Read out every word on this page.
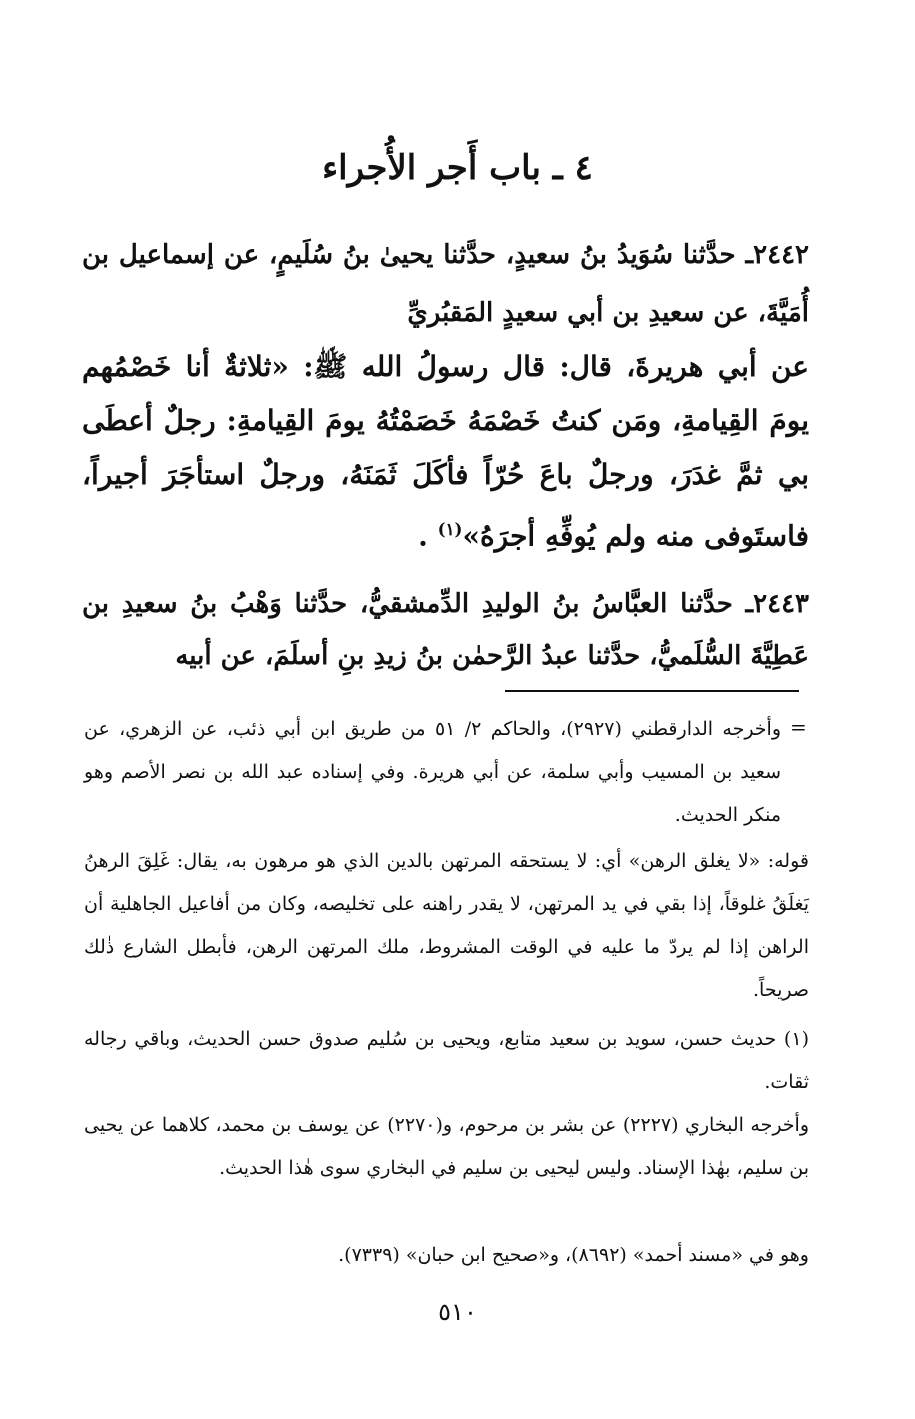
٤ ـ باب أَجر الأُجراء

٢٤٤٢ـ حدَّثنا سُوَيدُ بنُ سعيدٍ، حدَّثنا يحيىٰ بنُ سُلَيمٍ، عن إسماعيل بن أُمَيَّةَ، عن سعيدِ بن أبي سعيدٍ المَقبُريِّ

عن أبي هريرةَ، قال: قال رسولُ الله ﷺ: «ثلاثةٌ أنا خَصْمُهم يومَ القِيامةِ، ومَن كنتُ خَصْمَهُ خَصَمْتُهُ يومَ القِيامةِ: رجلٌ أعطَى بي ثمَّ غدَرَ، ورجلٌ باعَ حُرّاً فأكَلَ ثَمَنَهُ، ورجلٌ استأجَرَ أجيراً، فاستَوفى منه ولم يُوفِّهِ أجرَهُ»$^{(١)}$ .

٢٤٤٣ـ حدَّثنا العبَّاسُ بنُ الوليدِ الدِّمشقيُّ، حدَّثنا وَهْبُ بنُ سعيدِ بن عَطِيَّةَ السُّلَميُّ، حدَّثنا عبدُ الرَّحمٰن بنُ زيدِ بنِ أسلَمَ، عن أبيه

=

وأخرجه الدارقطني (٢٩٢٧)، والحاكم ٢/ ٥١ من طريق ابن أبي ذئب، عن الزهري، عن سعيد بن المسيب وأبي سلمة، عن أبي هريرة. وفي إسناده عبد الله بن نصر الأصم وهو منكر الحديث.

قوله: «لا يغلق الرهن» أي: لا يستحقه المرتهن بالدين الذي هو مرهون به، يقال: غَلِقَ الرهنُ يَغلَقُ غلوقاً، إذا بقي في يد المرتهن، لا يقدر راهنه على تخليصه، وكان من أفاعيل الجاهلية أن الراهن إذا لم يردّ ما عليه في الوقت المشروط، ملك المرتهن الرهن، فأبطل الشارع ذٰلك صريحاً.

(١) حديث حسن، سويد بن سعيد متابع، ويحيى بن سُليم صدوق حسن الحديث، وباقي رجاله ثقات.

وأخرجه البخاري (٢٢٢٧) عن بشر بن مرحوم، و(٢٢٧٠) عن يوسف بن محمد، كلاهما عن يحيى بن سليم، بهٰذا الإسناد. وليس ليحيى بن سليم في البخاري سوى هٰذا الحديث.

وهو في «مسند أحمد» (٨٦٩٢)، و«صحيح ابن حبان» (٧٣٣٩).

٥١٠
